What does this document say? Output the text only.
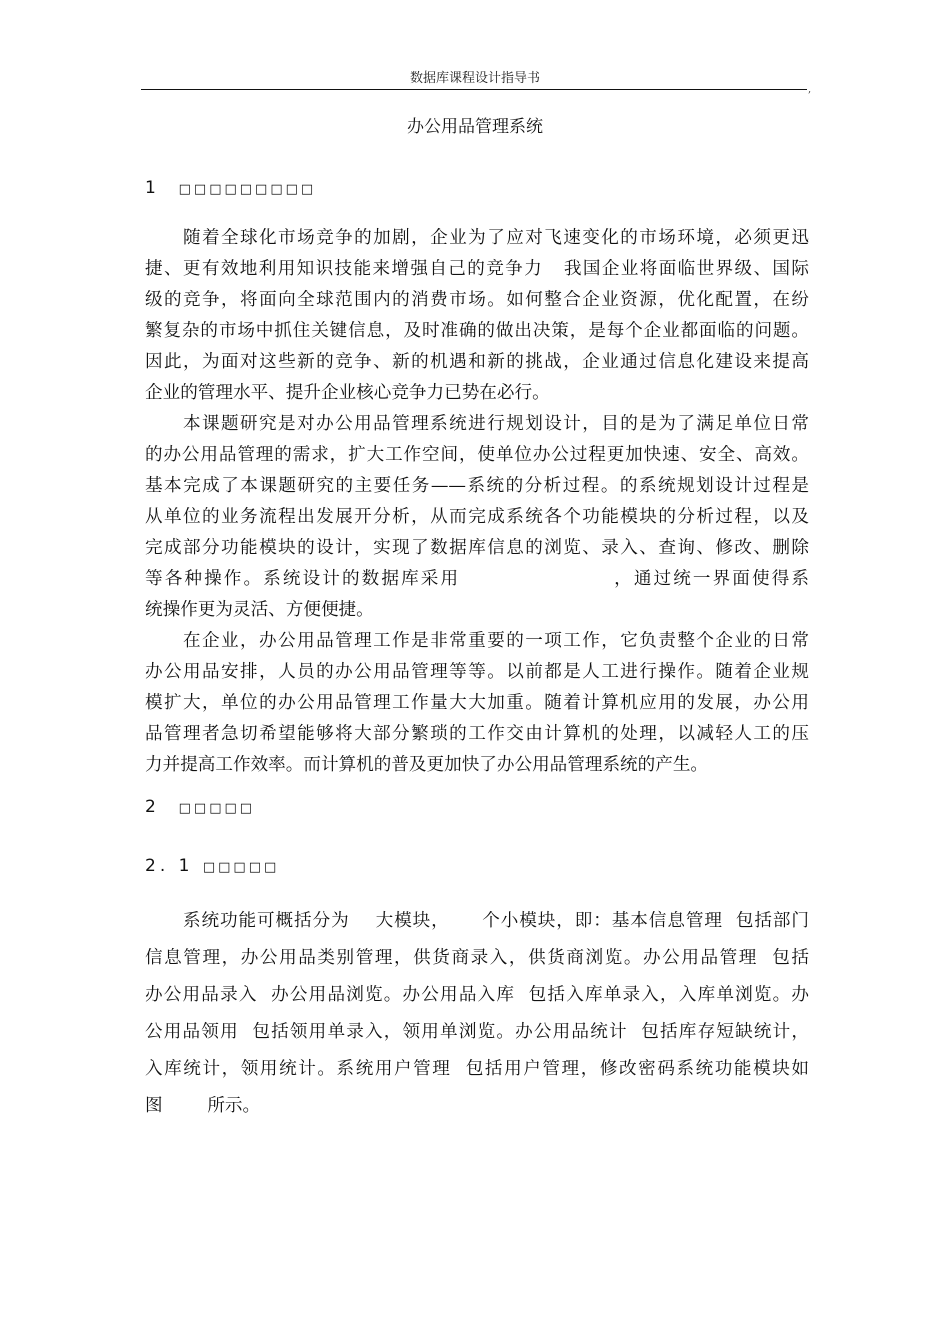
数据库课程设计指导书
,
办公用品管理系统
1  □□□□□□□□□
随着全球化市场竞争的加剧，企业为了应对飞速变化的市场环境，必须更迅
捷、更有效地利用知识技能来增强自己的竞争力   我国企业将面临世界级、国际
级的竞争，将面向全球范围内的消费市场。如何整合企业资源，优化配置，在纷
繁复杂的市场中抓住关键信息，及时准确的做出决策，是每个企业都面临的问题。
因此，为面对这些新的竞争、新的机遇和新的挑战，企业通过信息化建设来提高
企业的管理水平、提升企业核心竞争力已势在必行。
本课题研究是对办公用品管理系统进行规划设计，目的是为了满足单位日常
的办公用品管理的需求，扩大工作空间，使单位办公过程更加快速、安全、高效。
基本完成了本课题研究的主要任务——系统的分析过程。的系统规划设计过程是
从单位的业务流程出发展开分析，从而完成系统各个功能模块的分析过程，以及
完成部分功能模块的设计，实现了数据库信息的浏览、录入、查询、修改、删除
等各种操作。系统设计的数据库采用                    ，通过统一界面使得系
统操作更为灵活、方便便捷。
在企业，办公用品管理工作是非常重要的一项工作，它负责整个企业的日常
办公用品安排，人员的办公用品管理等等。以前都是人工进行操作。随着企业规
模扩大，单位的办公用品管理工作量大大加重。随着计算机应用的发展，办公用
品管理者急切希望能够将大部分繁琐的工作交由计算机的处理，以减轻人工的压
力并提高工作效率。而计算机的普及更加快了办公用品管理系统的产生。
2  □□□□□
2. 1 □□□□□
系统功能可概括分为    大模块，     个小模块，即：基本信息管理  包括部门
信息管理，办公用品类别管理，供货商录入，供货商浏览。办公用品管理  包括
办公用品录入  办公用品浏览。办公用品入库  包括入库单录入，入库单浏览。办
公用品领用  包括领用单录入，领用单浏览。办公用品统计  包括库存短缺统计，
入库统计，领用统计。系统用户管理  包括用户管理，修改密码系统功能模块如
图        所示。
